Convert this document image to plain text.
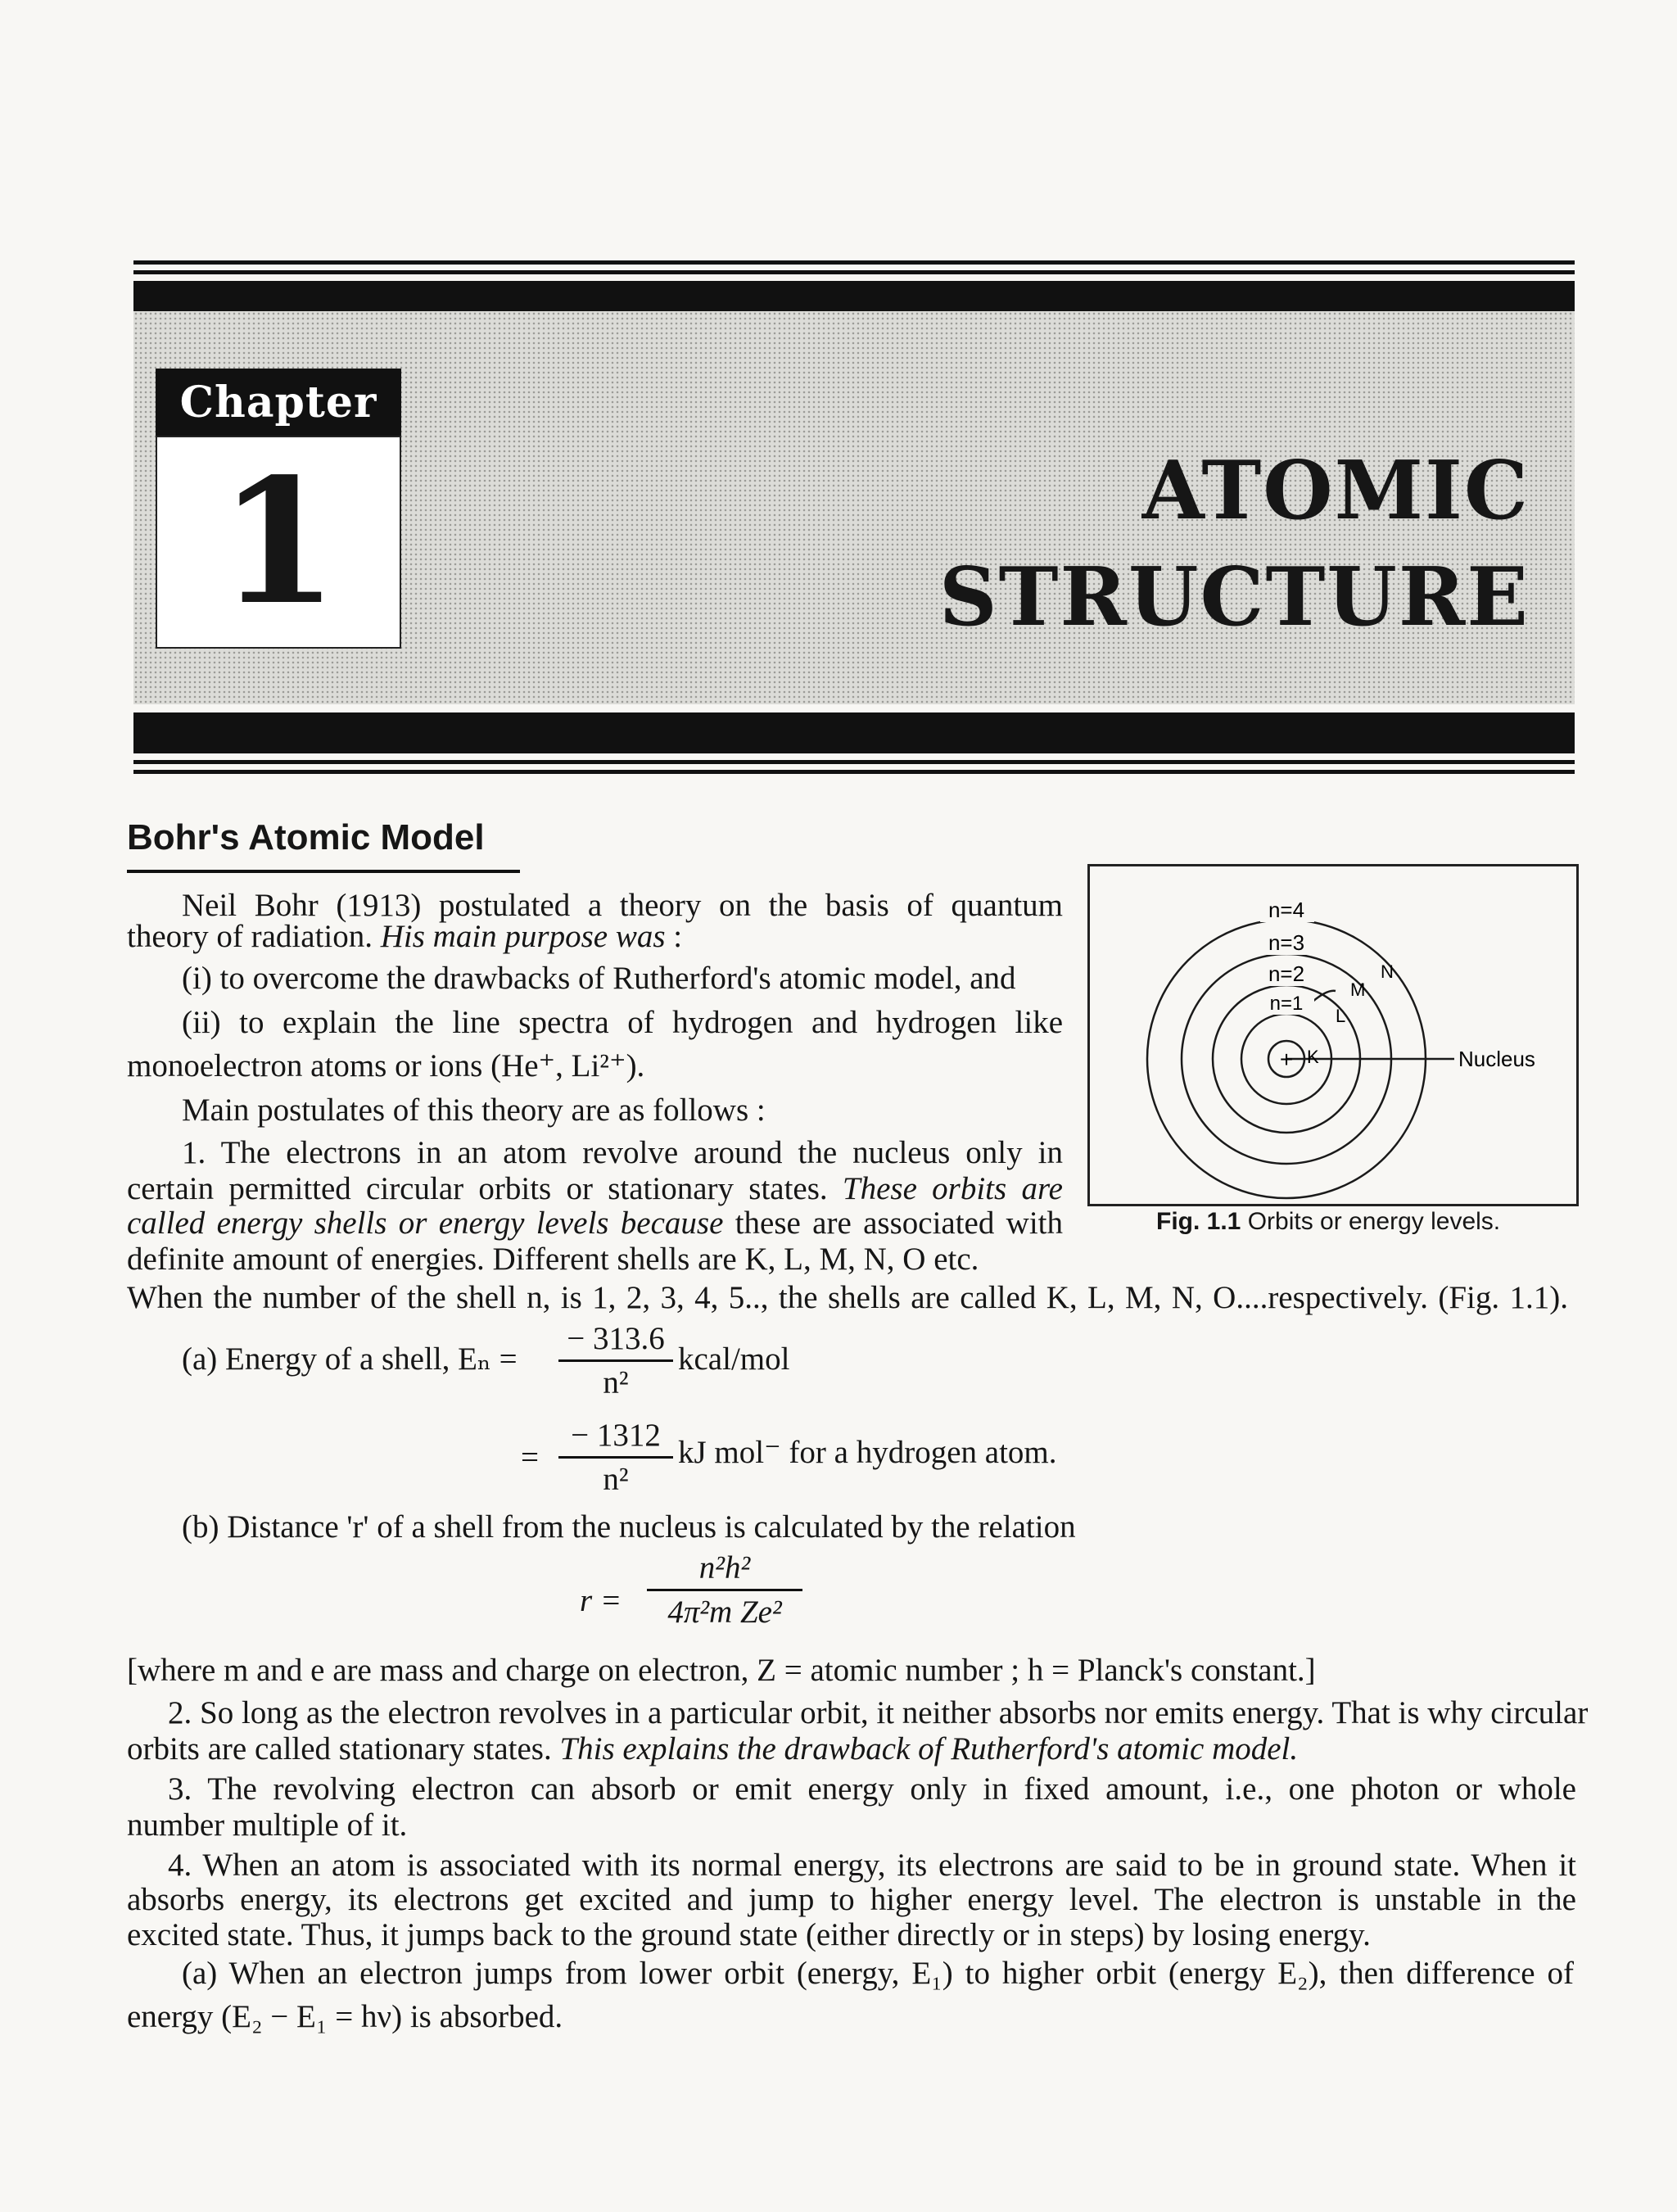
Chapter
1	ATOMIC
STRUCTURE
Bohr's Atomic Model
Neil Bohr (1913) postulated a theory on the basis of quantum
theory of radiation. His main purpose was :
(i) to overcome the drawbacks of Rutherford's atomic model, and
(ii) to explain the line spectra of hydrogen and hydrogen like
monoelectron atoms or ions (He⁺, Li²⁺).
Main postulates of this theory are as follows :
1. The electrons in an atom revolve around the nucleus only in
certain permitted circular orbits or stationary states. These orbits are
called energy shells or energy levels because these are associated with
definite amount of energies. Different shells are K, L, M, N, O etc.
When the number of the shell n, is 1, 2, 3, 4, 5.., the shells are called K, L, M, N, O....respectively. (Fig. 1.1).
n=4
n=3
n=2
n=1
+ K
L
M
N
Nucleus
Fig. 1.1 Orbits or energy levels.
(a) Energy of a shell, $E_n = \frac{- 313.6}{\text{n²}}$ kcal/mol
= $\frac{- 1312}{\text{n²}}$ kJ mol⁻ for a hydrogen atom.
(b) Distance 'r' of a shell from the nucleus is calculated by the relation
$r = \frac{\text{n²h²}}{\text{4π²m Ze²}}$
[where m and e are mass and charge on electron, Z = atomic number ; h = Planck's constant.]
2. So long as the electron revolves in a particular orbit, it neither absorbs nor emits energy. That is why circular
orbits are called stationary states. This explains the drawback of Rutherford's atomic model.
3. The revolving electron can absorb or emit energy only in fixed amount, i.e., one photon or whole
number multiple of it.
4. When an atom is associated with its normal energy, its electrons are said to be in ground state. When it
absorbs energy, its electrons get excited and jump to higher energy level. The electron is unstable in the
excited state. Thus, it jumps back to the ground state (either directly or in steps) by losing energy.
(a) When an electron jumps from lower orbit (energy, E₁) to higher orbit (energy E₂), then difference of
energy (E₂ − E₁ = hν) is absorbed.
